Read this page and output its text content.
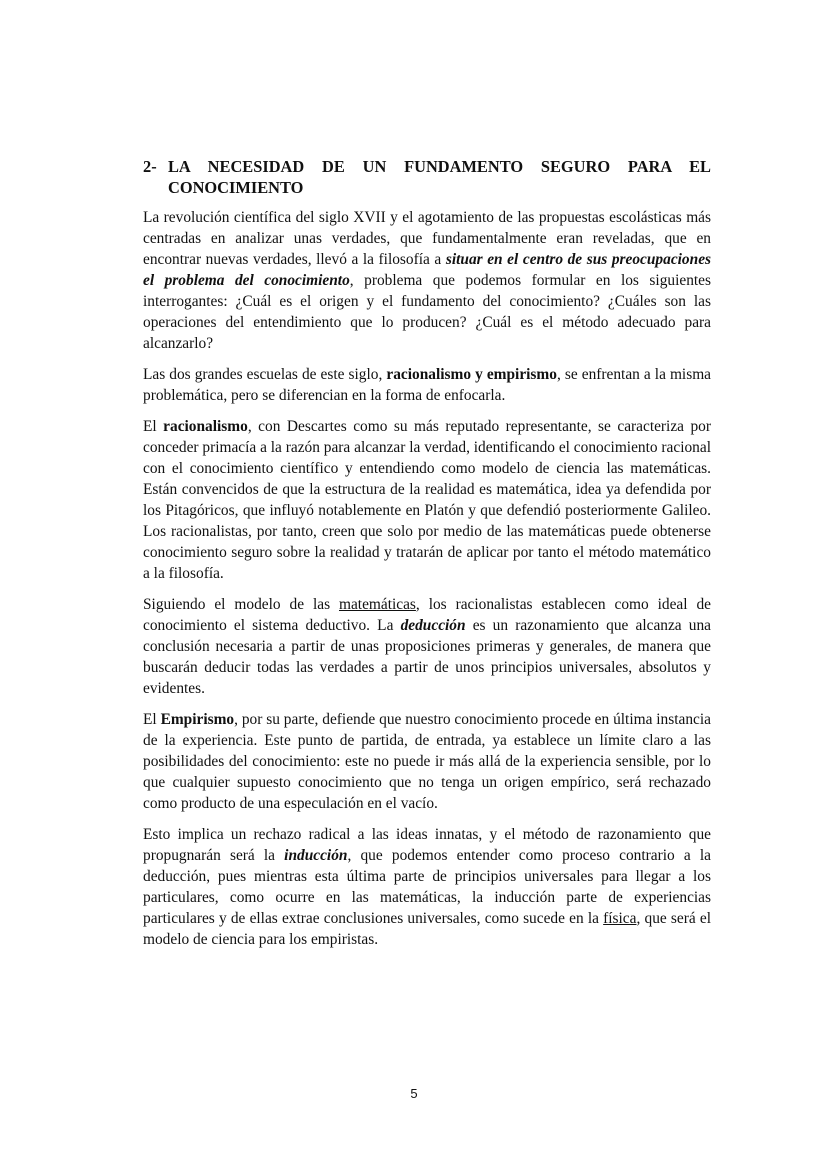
2- LA NECESIDAD DE UN FUNDAMENTO SEGURO PARA EL CONOCIMIENTO

La revolución científica del siglo XVII y el agotamiento de las propuestas escolásticas más centradas en analizar unas verdades, que fundamentalmente eran reveladas, que en encontrar nuevas verdades, llevó a la filosofía a situar en el centro de sus preocupaciones el problema del conocimiento, problema que podemos formular en los siguientes interrogantes: ¿Cuál es el origen y el fundamento del conocimiento? ¿Cuáles son las operaciones del entendimiento que lo producen? ¿Cuál es el método adecuado para alcanzarlo?

Las dos grandes escuelas de este siglo, racionalismo y empirismo, se enfrentan a la misma problemática, pero se diferencian en la forma de enfocarla.

El racionalismo, con Descartes como su más reputado representante, se caracteriza por conceder primacía a la razón para alcanzar la verdad, identificando el conocimiento racional con el conocimiento científico y entendiendo como modelo de ciencia las matemáticas. Están convencidos de que la estructura de la realidad es matemática, idea ya defendida por los Pitagóricos, que influyó notablemente en Platón y que defendió posteriormente Galileo. Los racionalistas, por tanto, creen que solo por medio de las matemáticas puede obtenerse conocimiento seguro sobre la realidad y tratarán de aplicar por tanto el método matemático a la filosofía.

Siguiendo el modelo de las matemáticas, los racionalistas establecen como ideal de conocimiento el sistema deductivo. La deducción es un razonamiento que alcanza una conclusión necesaria a partir de unas proposiciones primeras y generales, de manera que buscarán deducir todas las verdades a partir de unos principios universales, absolutos y evidentes.

El Empirismo, por su parte, defiende que nuestro conocimiento procede en última instancia de la experiencia. Este punto de partida, de entrada, ya establece un límite claro a las posibilidades del conocimiento: este no puede ir más allá de la experiencia sensible, por lo que cualquier supuesto conocimiento que no tenga un origen empírico, será rechazado como producto de una especulación en el vacío.

Esto implica un rechazo radical a las ideas innatas, y el método de razonamiento que propugnarán será la inducción, que podemos entender como proceso contrario a la deducción, pues mientras esta última parte de principios universales para llegar a los particulares, como ocurre en las matemáticas, la inducción parte de experiencias particulares y de ellas extrae conclusiones universales, como sucede en la física, que será el modelo de ciencia para los empiristas.

5
